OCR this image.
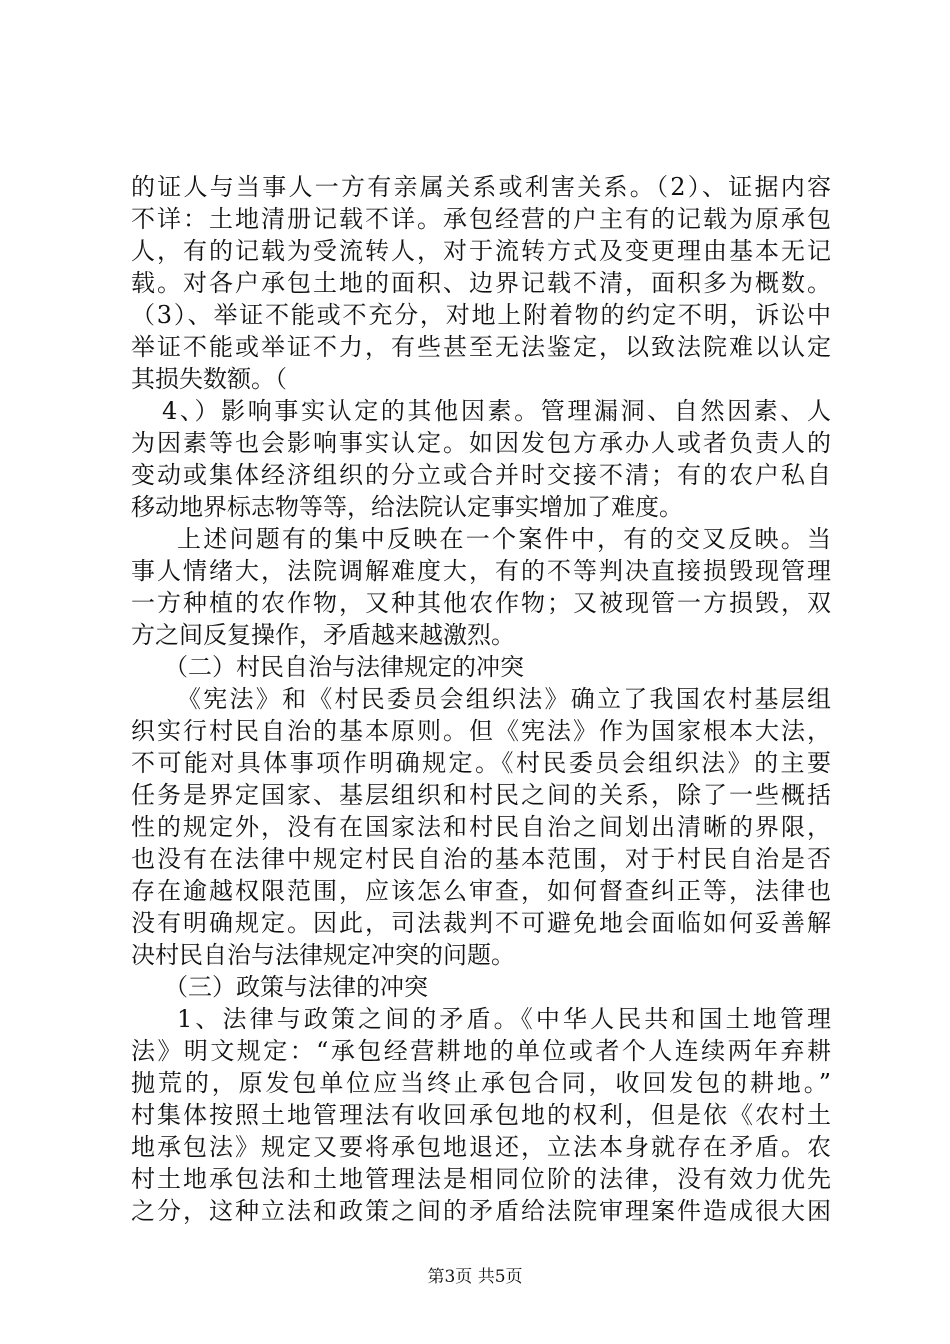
的证人与当事人一方有亲属关系或利害关系。（2）、证据内容
不详：土地清册记载不详。承包经营的户主有的记载为原承包
人，有的记载为受流转人，对于流转方式及变更理由基本无记
载。对各户承包土地的面积、边界记载不清，面积多为概数。
（3）、举证不能或不充分，对地上附着物的约定不明，诉讼中
举证不能或举证不力，有些甚至无法鉴定，以致法院难以认定
其损失数额。（
4、）影响事实认定的其他因素。管理漏洞、自然因素、人
为因素等也会影响事实认定。如因发包方承办人或者负责人的
变动或集体经济组织的分立或合并时交接不清；有的农户私自
移动地界标志物等等，给法院认定事实增加了难度。
上述问题有的集中反映在一个案件中，有的交叉反映。当
事人情绪大，法院调解难度大，有的不等判决直接损毁现管理
一方种植的农作物，又种其他农作物；又被现管一方损毁，双
方之间反复操作，矛盾越来越激烈。
（二）村民自治与法律规定的冲突
《宪法》和《村民委员会组织法》确立了我国农村基层组
织实行村民自治的基本原则。但《宪法》作为国家根本大法，
不可能对具体事项作明确规定。《村民委员会组织法》的主要
任务是界定国家、基层组织和村民之间的关系，除了一些概括
性的规定外，没有在国家法和村民自治之间划出清晰的界限，
也没有在法律中规定村民自治的基本范围，对于村民自治是否
存在逾越权限范围，应该怎么审查，如何督查纠正等，法律也
没有明确规定。因此，司法裁判不可避免地会面临如何妥善解
决村民自治与法律规定冲突的问题。
（三）政策与法律的冲突
1、法律与政策之间的矛盾。《中华人民共和国土地管理
法》明文规定：“承包经营耕地的单位或者个人连续两年弃耕
抛荒的，原发包单位应当终止承包合同，收回发包的耕地。”
村集体按照土地管理法有收回承包地的权利，但是依《农村土
地承包法》规定又要将承包地退还，立法本身就存在矛盾。农
村土地承包法和土地管理法是相同位阶的法律，没有效力优先
之分，这种立法和政策之间的矛盾给法院审理案件造成很大困
第3页 共5页
